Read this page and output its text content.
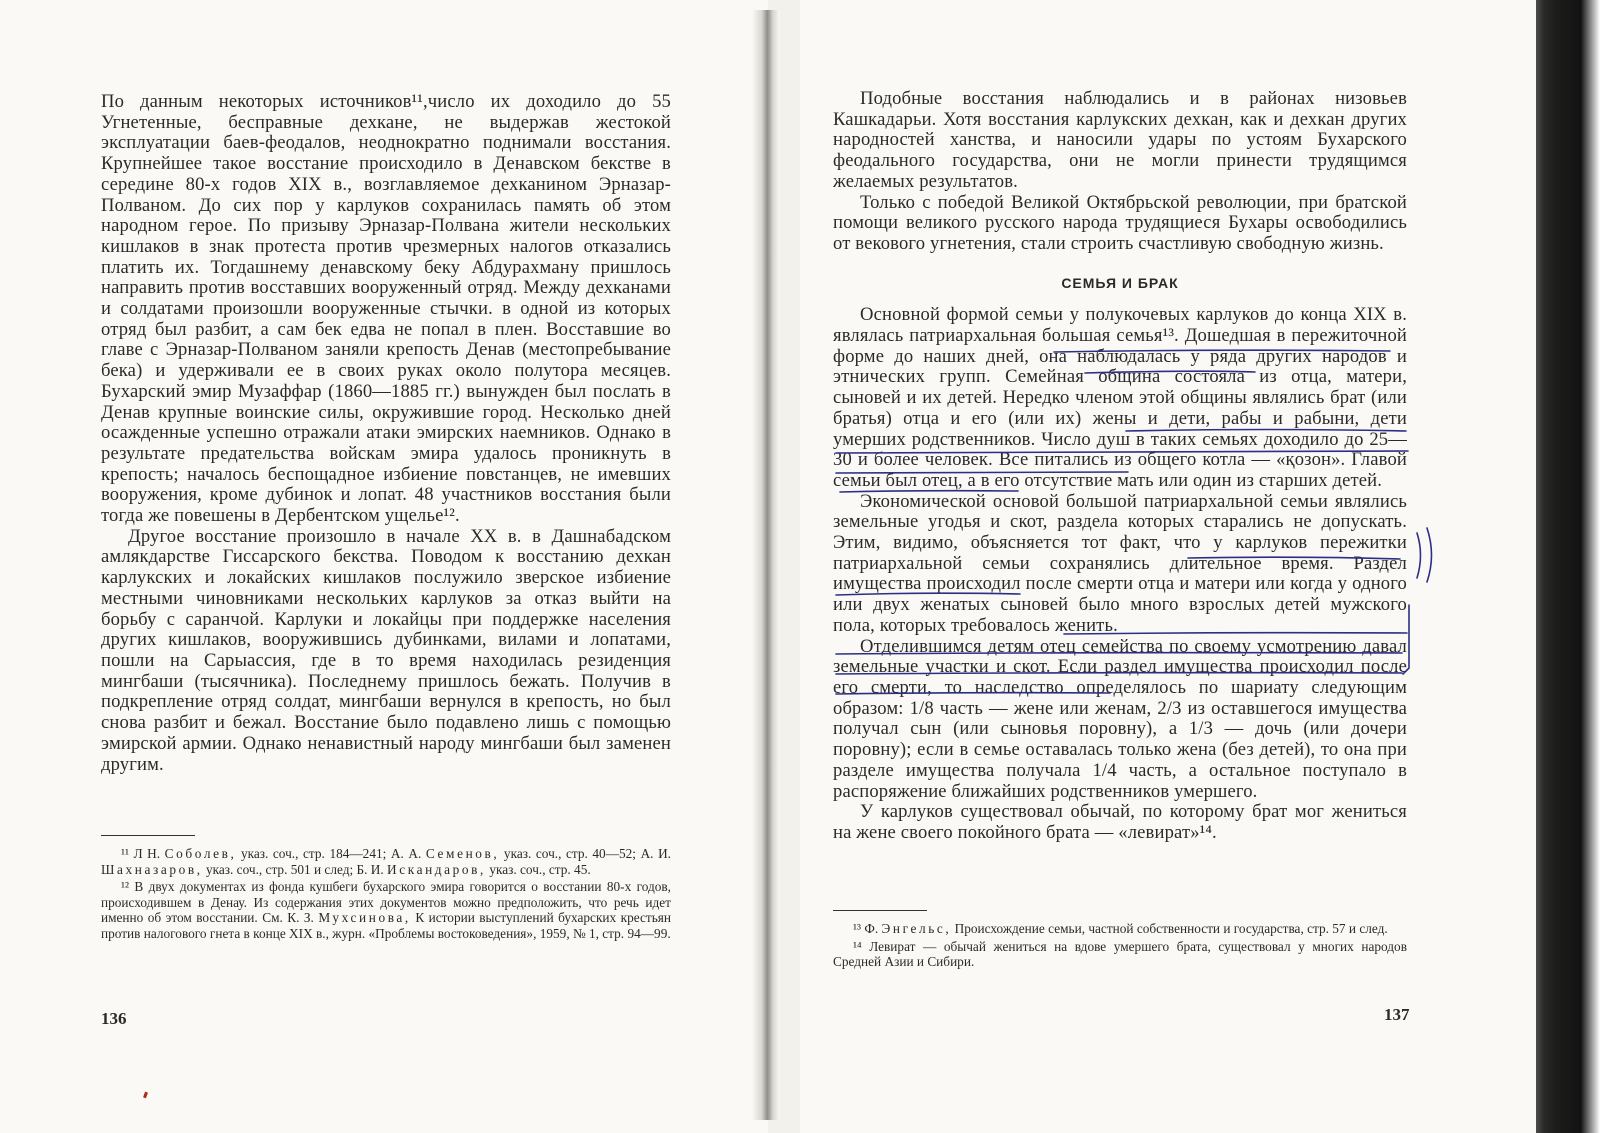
По данным некоторых источников¹¹,число их доходило до 55 Угнетенные, бесправные дехкане, не выдержав жестокой эксплуатации баев-феодалов, неоднократно поднимали восстания. Крупнейшее такое восстание происходило в Денавском бекстве в середине 80-х годов XIX в., возглавляемое дехканином Эрназар-Полваном. До сих пор у карлуков сохранилась память об этом народном герое. По призыву Эрназар-Полвана жители нескольких кишлаков в знак протеста против чрезмерных налогов отказались платить их. Тогдашнему денавскому беку Абдурахману пришлось направить против восставших вооруженный отряд. Между дехканами и солдатами произошли вооруженные стычки. в одной из которых отряд был разбит, а сам бек едва не попал в плен. Восставшие во главе с Эрназар-Полваном заняли крепость Денав (местопребывание бека) и удерживали ее в своих руках около полутора месяцев. Бухарский эмир Музаффар (1860—1885 гг.) вынужден был послать в Денав крупные воинские силы, окружившие город. Несколько дней осажденные успешно отражали атаки эмирских наемников. Однако в результате предательства войскам эмира удалось проникнуть в крепость; началось беспощадное избиение повстанцев, не имевших вооружения, кроме дубинок и лопат. 48 участников восстания были тогда же повешены в Дербентском ущелье¹².

Другое восстание произошло в начале XX в. в Дашнабадском амлякдарстве Гиссарского бекства. Поводом к восстанию дехкан карлукских и локайских кишлаков послужило зверское избиение местными чиновниками нескольких карлуков за отказ выйти на борьбу с саранчой. Карлуки и локайцы при поддержке населения других кишлаков, вооружившись дубинками, вилами и лопатами, пошли на Сарыассия, где в то время находилась резиденция мингбаши (тысячника). Последнему пришлось бежать. Получив в подкрепление отряд солдат, мингбаши вернулся в крепость, но был снова разбит и бежал. Восстание было подавлено лишь с помощью эмирской армии. Однако ненавистный народу мингбаши был заменен другим.

¹¹ Л Н. Соболев, указ. соч., стр. 184—241; А. А. Семенов, указ. соч., стр. 40—52; А. И. Шахназаров, указ. соч., стр. 501 и след; Б. И. Искандаров, указ. соч., стр. 45.

¹² В двух документах из фонда кушбеги бухарского эмира говорится о восстании 80-х годов, происходившем в Денау. Из содержания этих документов можно предположить, что речь идет именно об этом восстании. См. К. З. Мухсинова, К истории выступлений бухарских крестьян против налогового гнета в конце XIX в., журн. «Проблемы востоковедения», 1959, № 1, стр. 94—99.

136

Подобные восстания наблюдались и в районах низовьев Кашкадарьи. Хотя восстания карлукских дехкан, как и дехкан других народностей ханства, и наносили удары по устоям Бухарского феодального государства, они не могли принести трудящимся желаемых результатов.

Только с победой Великой Октябрьской революции, при братской помощи великого русского народа трудящиеся Бухары освободились от векового угнетения, стали строить счастливую свободную жизнь.

СЕМЬЯ И БРАК

Основной формой семьи у полукочевых карлуков до конца XIX в. являлась патриархальная большая семья¹³. Дошедшая в пережиточной форме до наших дней, она наблюдалась у ряда других народов и этнических групп. Семейная община состояла из отца, матери, сыновей и их детей. Нередко членом этой общины являлись брат (или братья) отца и его (или их) жены и дети, рабы и рабыни, дети умерших родственников. Число душ в таких семьях доходило до 25—30 и более человек. Все питались из общего котла — «қозон». Главой семьи был отец, а в его отсутствие мать или один из старших детей.

Экономической основой большой патриархальной семьи являлись земельные угодья и скот, раздела которых старались не допускать. Этим, видимо, объясняется тот факт, что у карлуков пережитки патриархальной семьи сохранялись длительное время. Раздел имущества происходил после смерти отца и матери или когда у одного или двух женатых сыновей было много взрослых детей мужского пола, которых требовалось женить.

Отделившимся детям отец семейства по своему усмотрению давал земельные участки и скот. Если раздел имущества происходил после его смерти, то наследство определялось по шариату следующим образом: 1/8 часть — жене или женам, 2/3 из оставшегося имущества получал сын (или сыновья поровну), а 1/3 — дочь (или дочери поровну); если в семье оставалась только жена (без детей), то она при разделе имущества получала 1/4 часть, а остальное поступало в распоряжение ближайших родственников умершего.

У карлуков существовал обычай, по которому брат мог жениться на жене своего покойного брата — «левират»¹⁴.

¹³ Ф. Энгельс, Происхождение семьи, частной собственности и государства, стр. 57 и след.

¹⁴ Левират — обычай жениться на вдове умершего брата, существовал у многих народов Средней Азии и Сибири.

137
